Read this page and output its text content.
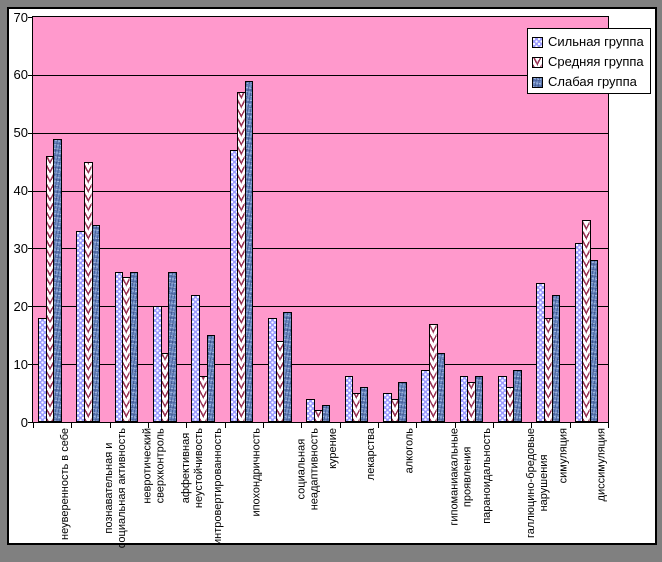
Сильная группа
Средняя группа
Слабая группа
0
10
20
30
40
50
60
70
неуверенность в себе	познавательная и социальная активность невротический сверхконтроль аффективная неустойчивость интровертированность ипохондричность	социальная неадаптивность курение лекарства алкоголь	гипоманиакальные проявления параноидальность	галлюцино-бредовые нарушения симуляция диссимуляция
